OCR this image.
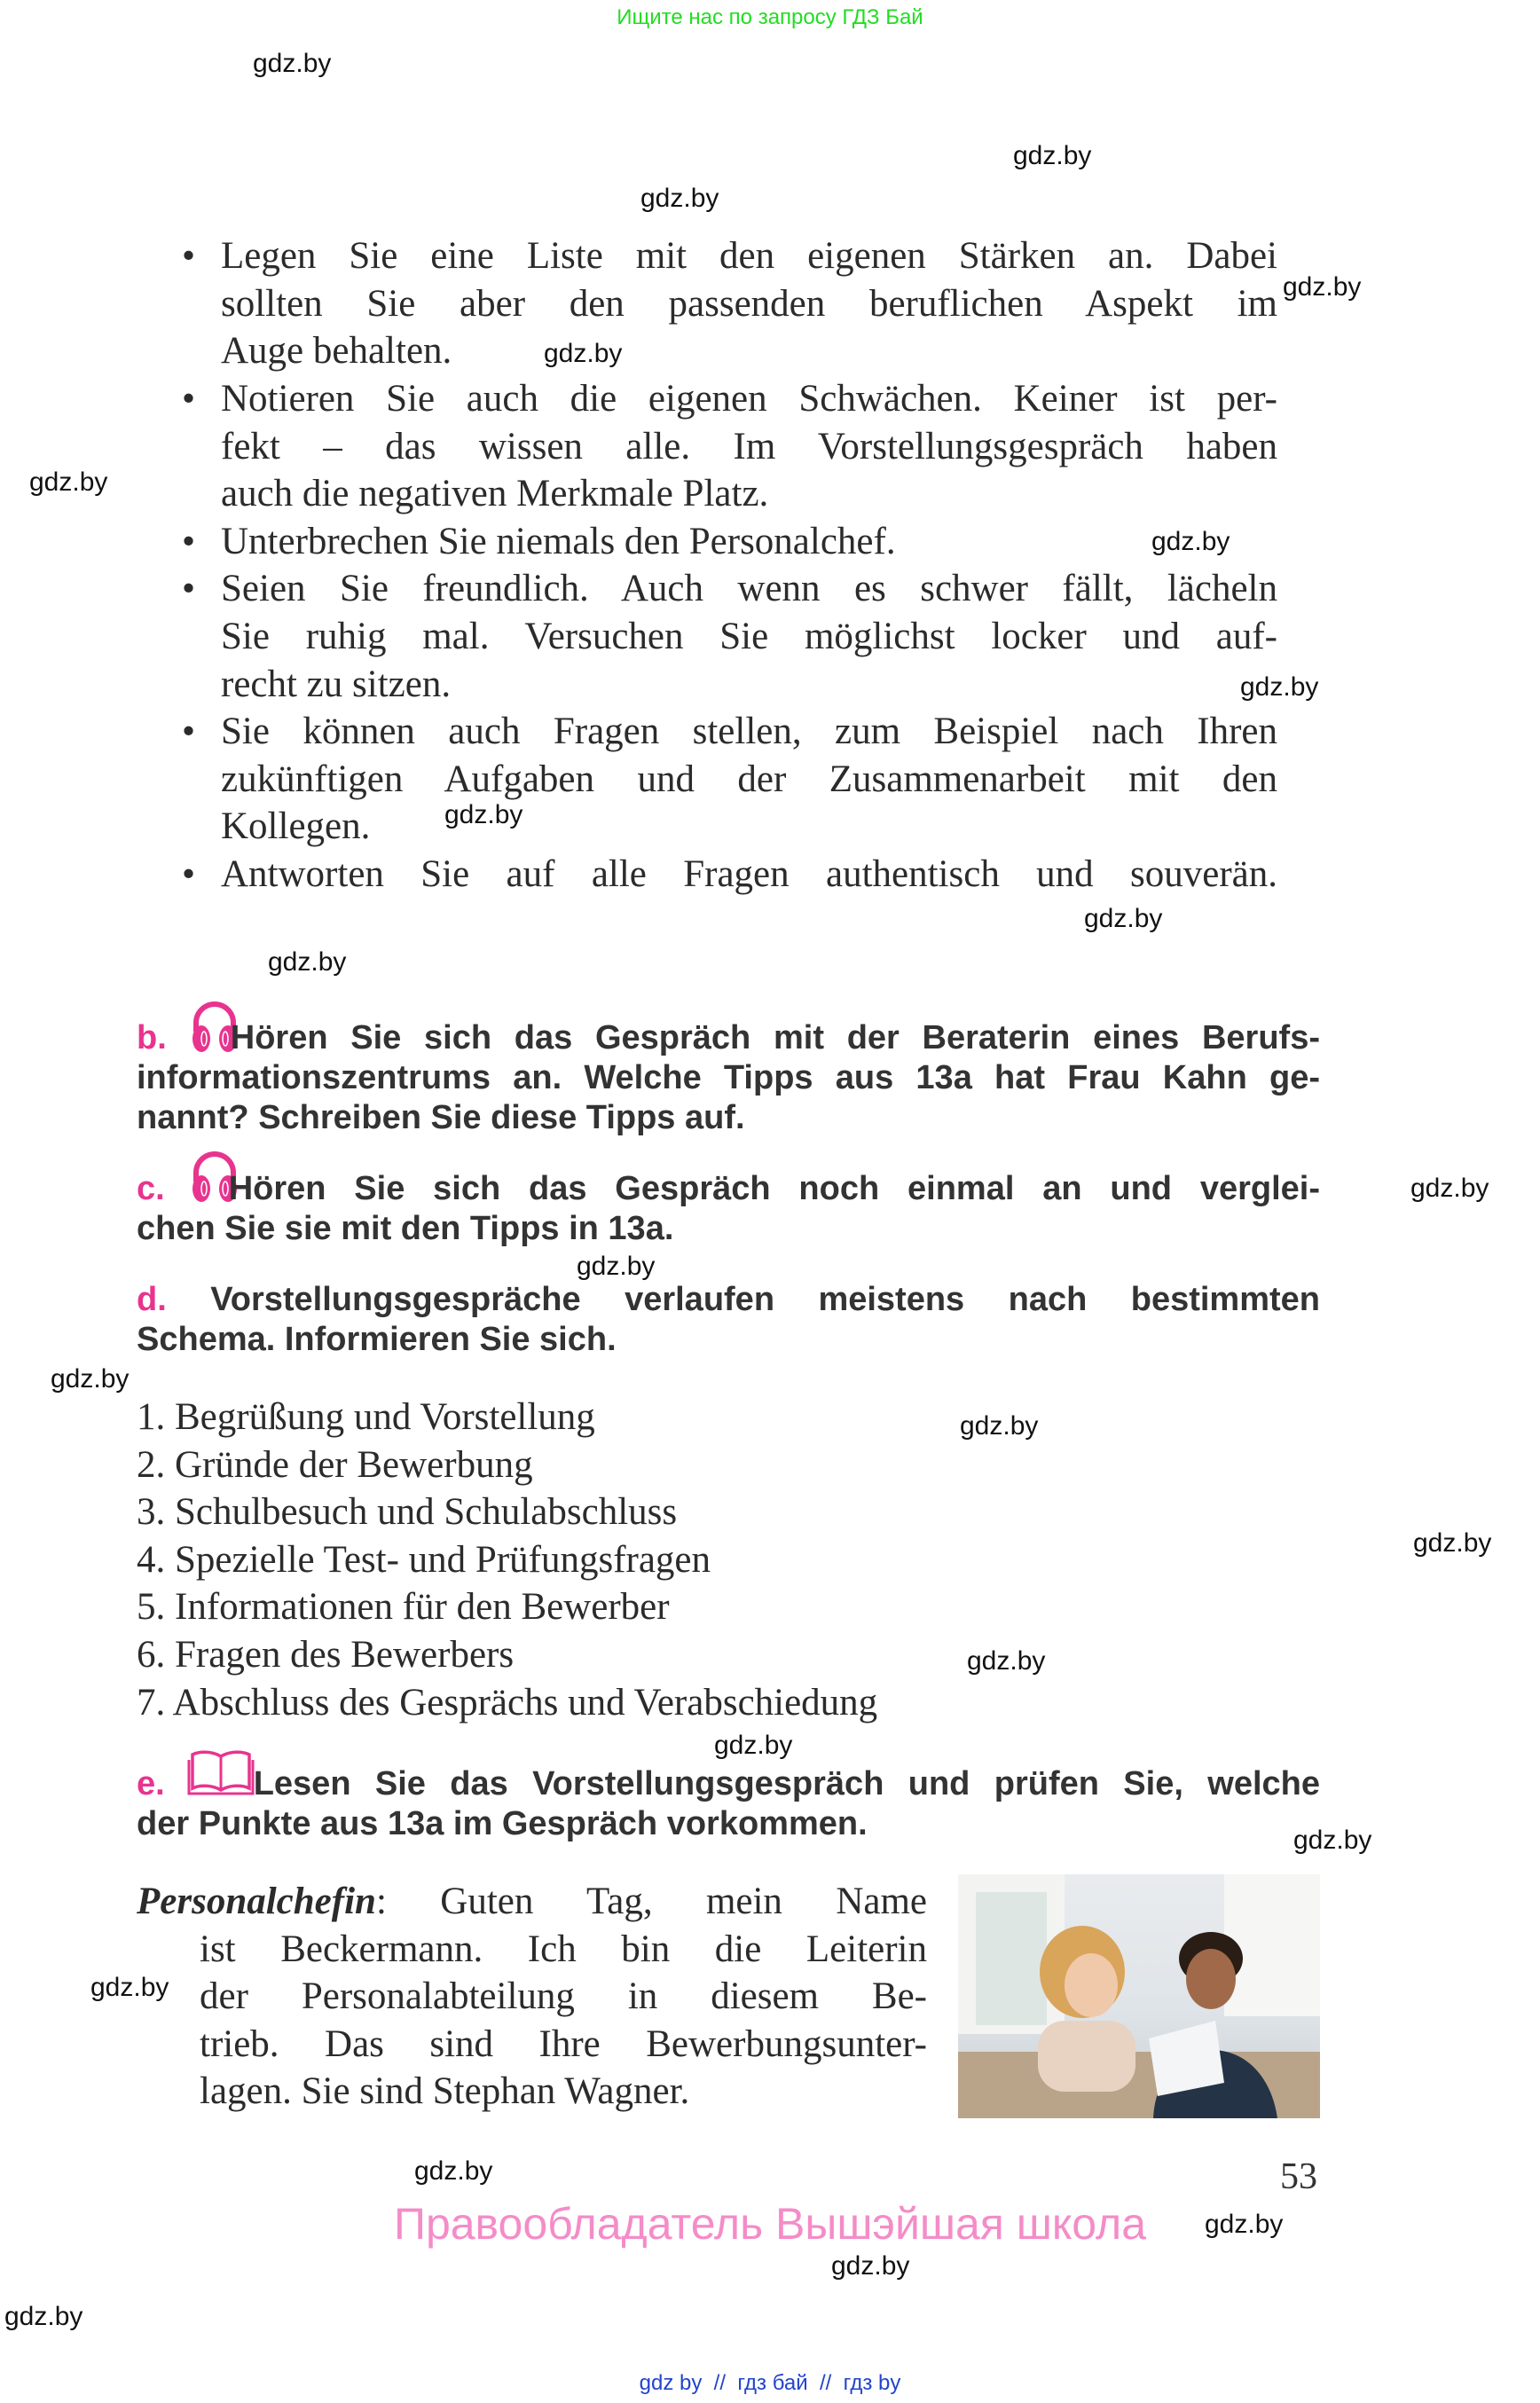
Ищите нас по запросу ГДЗ Бай
gdz.by
gdz.by
gdz.by
gdz.by
gdz.by
gdz.by
gdz.by
gdz.by
gdz.by
gdz.by
gdz.by
gdz.by
gdz.by
gdz.by
gdz.by
gdz.by
gdz.by
gdz.by
gdz.by
gdz.by
gdz.by
gdz.by
gdz.by
gdz.by
• Legen Sie eine Liste mit den eigenen Stärken an. Dabei
sollten Sie aber den passenden beruflichen Aspekt im
Auge behalten.
• Notieren Sie auch die eigenen Schwächen. Keiner ist per-
fekt – das wissen alle. Im Vorstellungsgespräch haben
auch die negativen Merkmale Platz.
• Unterbrechen Sie niemals den Personalchef.
• Seien Sie freundlich. Auch wenn es schwer fällt, lächeln
Sie ruhig mal. Versuchen Sie möglichst locker und auf-
recht zu sitzen.
• Sie können auch Fragen stellen, zum Beispiel nach Ihren
zukünftigen Aufgaben und der Zusammenarbeit mit den
Kollegen.
• Antworten Sie auf alle Fragen authentisch und souverän.
b. Hören Sie sich das Gespräch mit der Beraterin eines Berufs-
informationszentrums an. Welche Tipps aus 13a hat Frau Kahn ge-
nannt? Schreiben Sie diese Tipps auf.
c. Hören Sie sich das Gespräch noch einmal an und verglei-
chen Sie sie mit den Tipps in 13a.
d. Vorstellungsgespräche verlaufen meistens nach bestimmten
Schema. Informieren Sie sich.
1. Begrüßung und Vorstellung
2. Gründe der Bewerbung
3. Schulbesuch und Schulabschluss
4. Spezielle Test- und Prüfungsfragen
5. Informationen für den Bewerber
6. Fragen des Bewerbers
7. Abschluss des Gesprächs und Verabschiedung
e.	Lesen Sie das Vorstellungsgespräch und prüfen Sie, welche
der Punkte aus 13a im Gespräch vorkommen.
Personalchefin: Guten Tag, mein Name
ist Beckermann. Ich bin die Leiterin
der Personalabteilung in diesem Be-
trieb. Das sind Ihre Bewerbungsunter-
lagen. Sie sind Stephan Wagner.
53
Правообладатель Вышэйшая школа
gdz by  //  гдз бай  //  гдз by
